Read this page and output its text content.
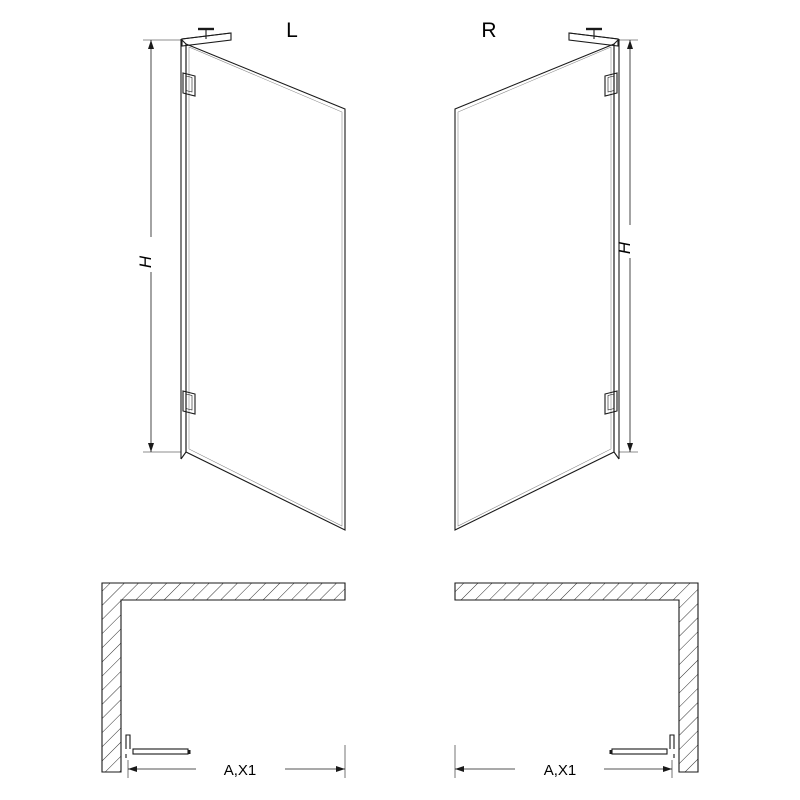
H
L
H
R
A,X1	A,X1
